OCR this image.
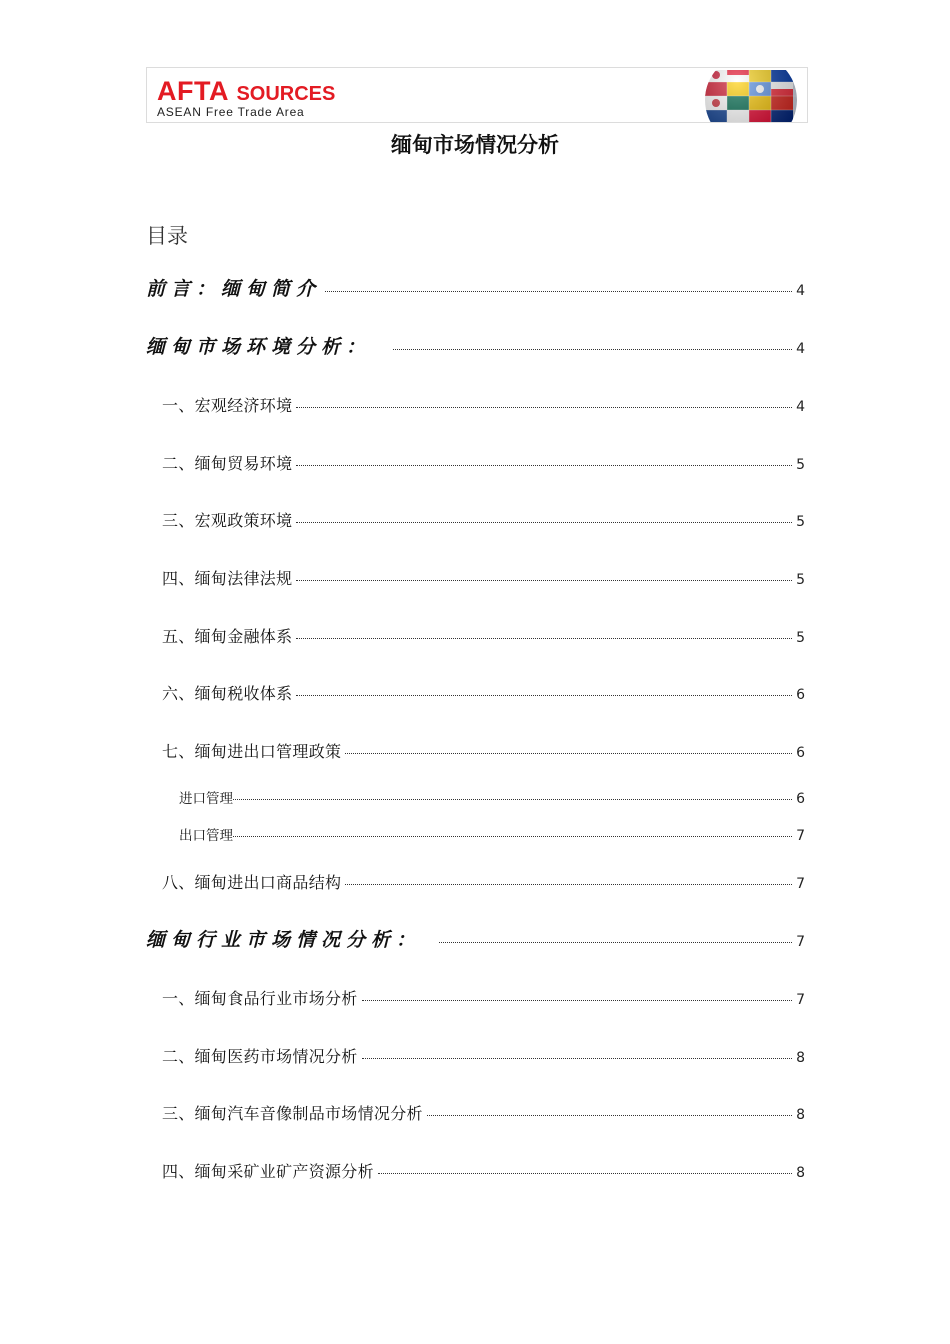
AFTA SOURCES
ASEAN Free Trade Area
缅甸市场情况分析
目录
前言：缅甸简介	4
缅甸市场环境分析：	4
一、宏观经济环境	4
二、缅甸贸易环境	5
三、宏观政策环境	5
四、缅甸法律法规	5
五、缅甸金融体系	5
六、缅甸税收体系	6
七、缅甸进出口管理政策	6
进口管理	6
出口管理	7
八、缅甸进出口商品结构	7
缅甸行业市场情况分析：	7
一、缅甸食品行业市场分析	7
二、缅甸医药市场情况分析	8
三、缅甸汽车音像制品市场情况分析	8
四、缅甸采矿业矿产资源分析	8
